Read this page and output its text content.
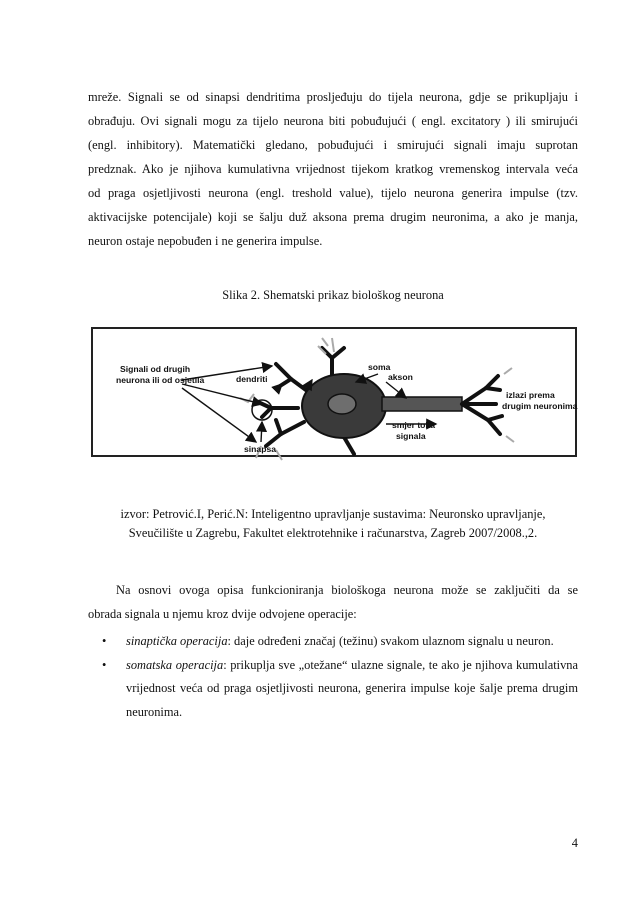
mreže. Signali se od sinapsi dendritima prosljeđuju do tijela neurona, gdje se prikupljaju i
obrađuju. Ovi signali mogu za tijelo neurona biti pobuđujući ( engl. excitatory ) ili smirujući
(engl. inhibitory). Matematički gledano, pobuđujući i smirujući signali imaju suprotan
predznak. Ako je njihova kumulativna vrijednost tijekom kratkog vremenskog intervala veća
od praga osjetljivosti neurona (engl. treshold value), tijelo neurona generira impulse (tzv.
aktivacijske potencijale) koji se šalju duž aksona prema drugim neuronima, a ako je manja,
neuron ostaje nepobuđen i ne generira impulse.
Slika 2. Shematski prikaz biološkog neurona
Signali od drugih
neurona ili od osjetila	dendriti
sinapsa
soma
akson
smjer toka
signala
izlazi prema
drugim neuronima
izvor: Petrović.I, Perić.N: Inteligentno upravljanje sustavima: Neuronsko upravljanje,
Sveučilište u Zagrebu, Fakultet elektrotehnike i računarstva, Zagreb 2007/2008.,2.
Na osnovi ovoga opisa funkcioniranja biološkoga neurona može se zaključiti da se
obrada signala u njemu kroz dvije odvojene operacije:
• sinaptička operacija: daje određeni značaj (težinu) svakom ulaznom signalu u neuron.
• somatska operacija: prikuplja sve „otežane“ ulazne signale, te ako je njihova kumulativna vrijednost veća od praga osjetljivosti neurona, generira impulse koje šalje prema drugim neuronima.
4
